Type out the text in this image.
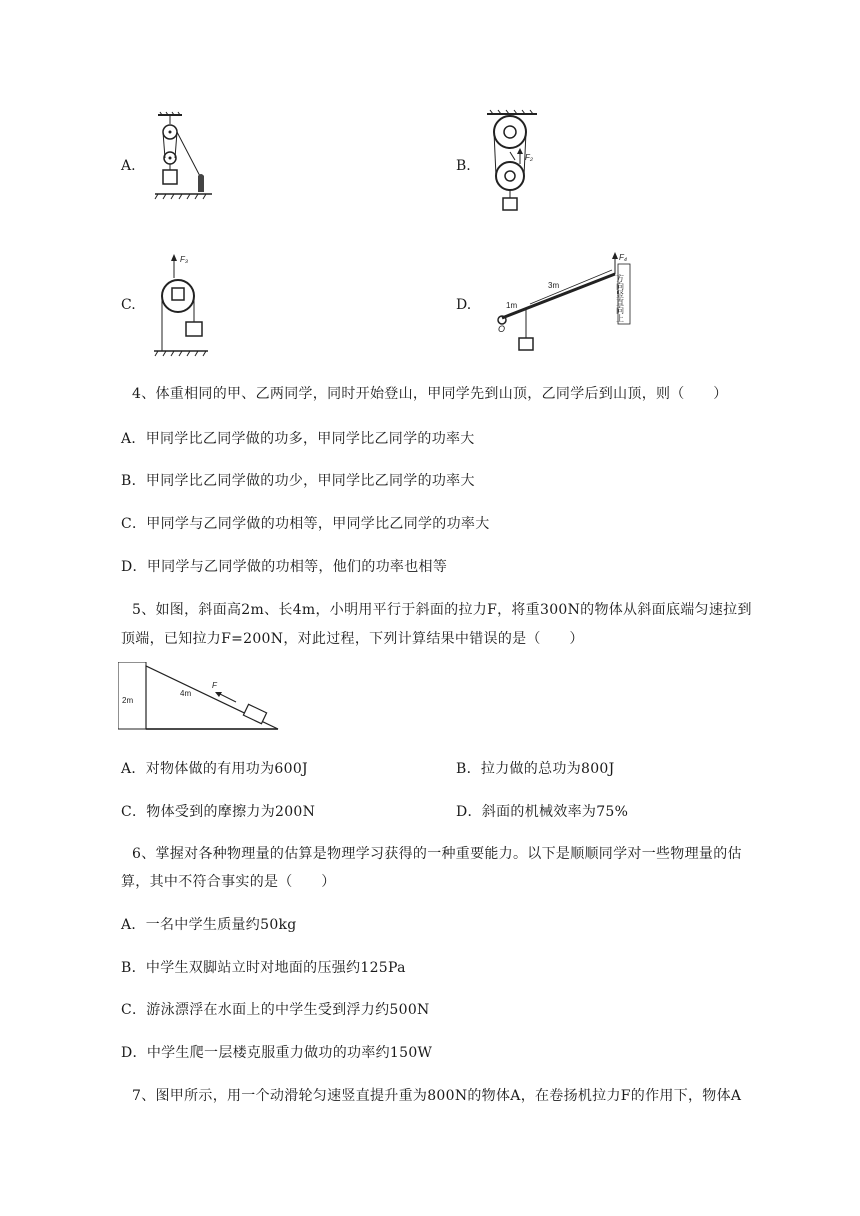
A.	B.
C.	D.
F₂
F₃
O
1m
3m
F₄
方向竖直向上
4、体重相同的甲、乙两同学，同时开始登山，甲同学先到山顶，乙同学后到山顶，则（　　）
A．甲同学比乙同学做的功多，甲同学比乙同学的功率大
B．甲同学比乙同学做的功少，甲同学比乙同学的功率大
C．甲同学与乙同学做的功相等，甲同学比乙同学的功率大
D．甲同学与乙同学做的功相等，他们的功率也相等
5、如图，斜面高2m、长4m，小明用平行于斜面的拉力F，将重300N的物体从斜面底端匀速拉到
顶端，已知拉力F=200N，对此过程，下列计算结果中错误的是（　　）
2m
4m
F
A．对物体做的有用功为600J	B．拉力做的总功为800J
C．物体受到的摩擦力为200N	D．斜面的机械效率为75%
6、掌握对各种物理量的估算是物理学习获得的一种重要能力。以下是顺顺同学对一些物理量的估
算，其中不符合事实的是（　　）
A．一名中学生质量约50kg
B．中学生双脚站立时对地面的压强约125Pa
C．游泳漂浮在水面上的中学生受到浮力约500N
D．中学生爬一层楼克服重力做功的功率约150W
7、图甲所示，用一个动滑轮匀速竖直提升重为800N的物体A，在卷扬机拉力F的作用下，物体A
